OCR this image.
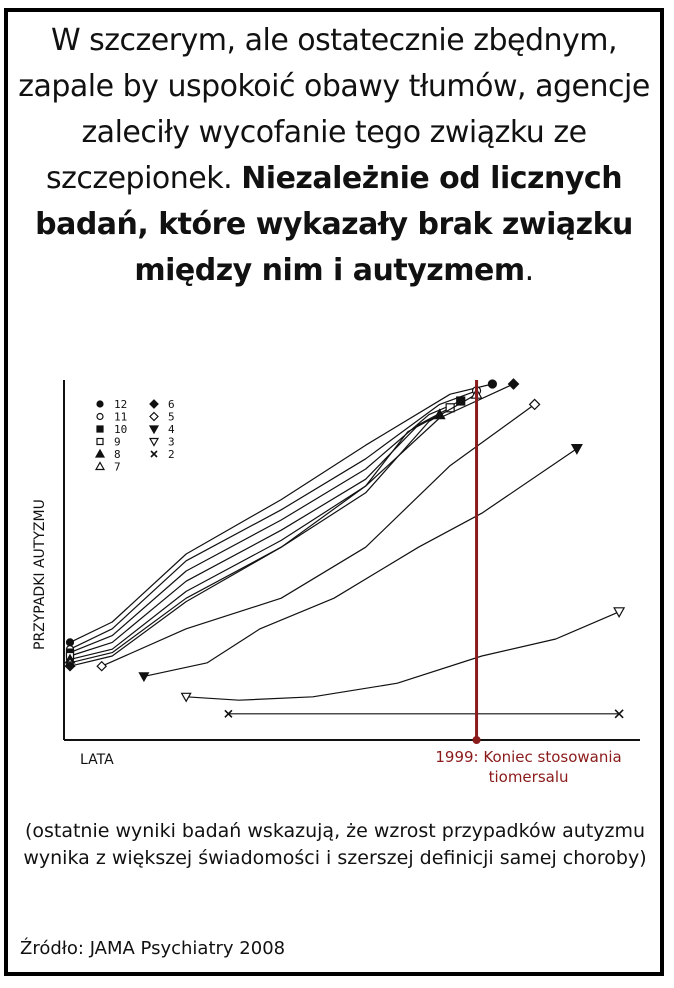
W szczerym, ale ostatecznie zbędnym, zapale by uspokoić obawy tłumów, agencje zaleciły wycofanie tego związku ze szczepionek. Niezależnie od licznych badań, które wykazały brak związku między nim i autyzmem.

LATA
PRZYPADKI AUTYZMU
12
11
10
9
8
7
6
5
4
3
2
1999: Koniec stosowania
tiomersalu
(ostatnie wyniki badań wskazują, że wzrost przypadków autyzmu wynika z większej świadomości i szerszej definicji samej choroby)
Źródło: JAMA Psychiatry 2008
